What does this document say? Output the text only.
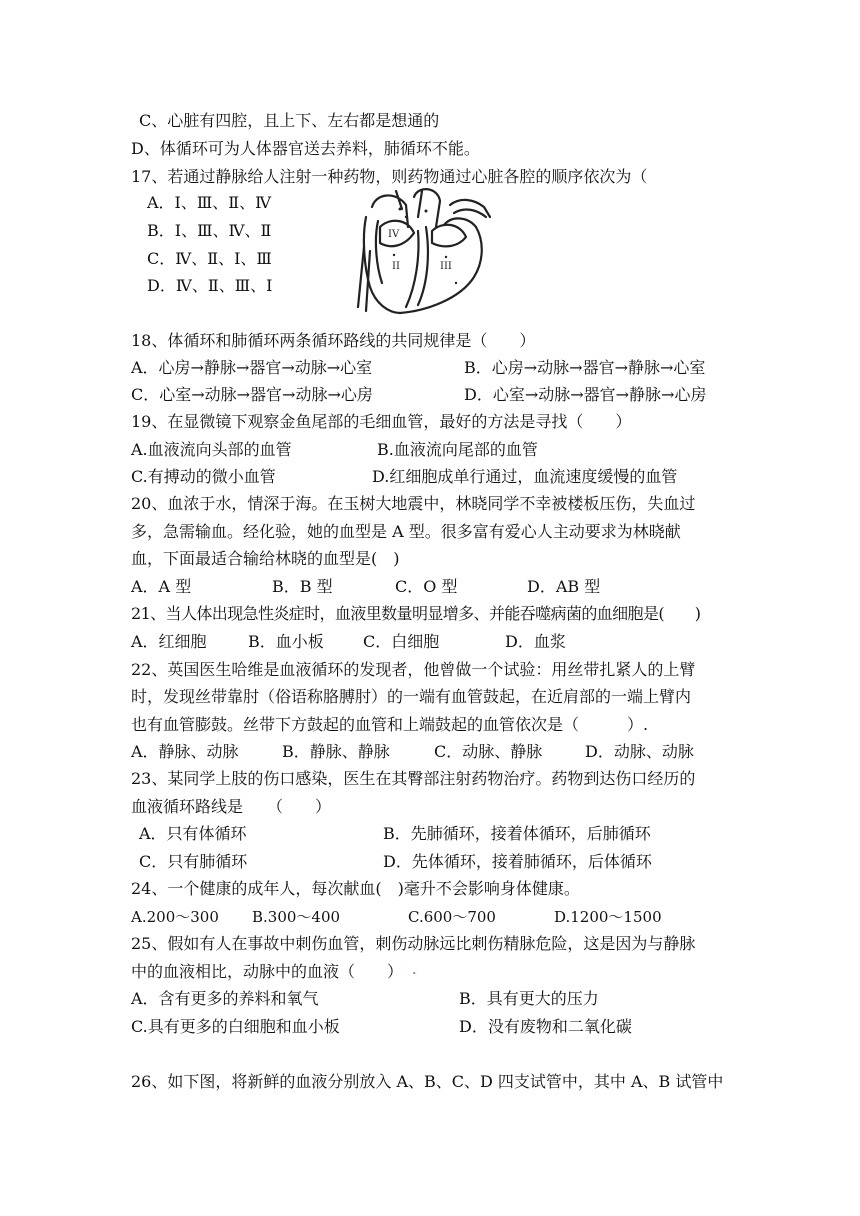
C、心脏有四腔，且上下、左右都是想通的
D、体循环可为人体器官送去养料，肺循环不能。
17、若通过静脉给人注射一种药物，则药物通过心脏各腔的顺序依次为（
A．Ⅰ、Ⅲ、Ⅱ、Ⅳ
B．Ⅰ、Ⅲ、Ⅳ、Ⅱ
C．Ⅳ、Ⅱ、Ⅰ、Ⅲ
D．Ⅳ、Ⅱ、Ⅲ、Ⅰ
IV
II	III
18、体循环和肺循环两条循环路线的共同规律是（　　）
A．心房→静脉→器官→动脉→心室	B．心房→动脉→器官→静脉→心室
C．心室→动脉→器官→动脉→心房	D．心室→动脉→器官→静脉→心房
19、在显微镜下观察金鱼尾部的毛细血管，最好的方法是寻找（　　）
A.血液流向头部的血管	B.血液流向尾部的血管
C.有搏动的微小血管	D.红细胞成单行通过，血流速度缓慢的血管
20、血浓于水，情深于海。在玉树大地震中，林晓同学不幸被楼板压伤，失血过
多，急需输血。经化验，她的血型是 A 型。很多富有爱心人主动要求为林晓献
血，下面最适合输给林晓的血型是(　)
A．A 型	B．B 型	C．O 型	D．AB 型
21、当人体出现急性炎症时，血液里数量明显增多、并能吞噬病菌的血细胞是(　　)
A．红细胞	B．血小板 C．白细胞	D．血浆
22、英国医生哈维是血液循环的发现者，他曾做一个试验：用丝带扎紧人的上臂
时，发现丝带靠肘（俗语称胳膊肘）的一端有血管鼓起，在近肩部的一端上臂内
也有血管膨鼓。丝带下方鼓起的血管和上端鼓起的血管依次是（　　　）.
A．静脉、动脉	B．静脉、静脉	C．动脉、静脉	D．动脉、动脉
23、某同学上肢的伤口感染，医生在其臀部注射药物治疗。药物到达伤口经历的
血液循环路线是　　（　　）
A．只有体循环	B．先肺循环，接着体循环，后肺循环
C．只有肺循环	D．先体循环，接着肺循环，后体循环
24、一个健康的成年人，每次献血(　)毫升不会影响身体健康。
A.200～300 B.300～400	C.600～700	D.1200～1500
25、假如有人在事故中刺伤血管，刺伤动脉远比刺伤精脉危险，这是因为与静脉
中的血液相比，动脉中的血液（　　） .
A．含有更多的养料和氧气	B．具有更大的压力
C.具有更多的白细胞和血小板	D．没有废物和二氧化碳
26、如下图，将新鲜的血液分别放入 A、B、C、D 四支试管中，其中 A、B 试管中
